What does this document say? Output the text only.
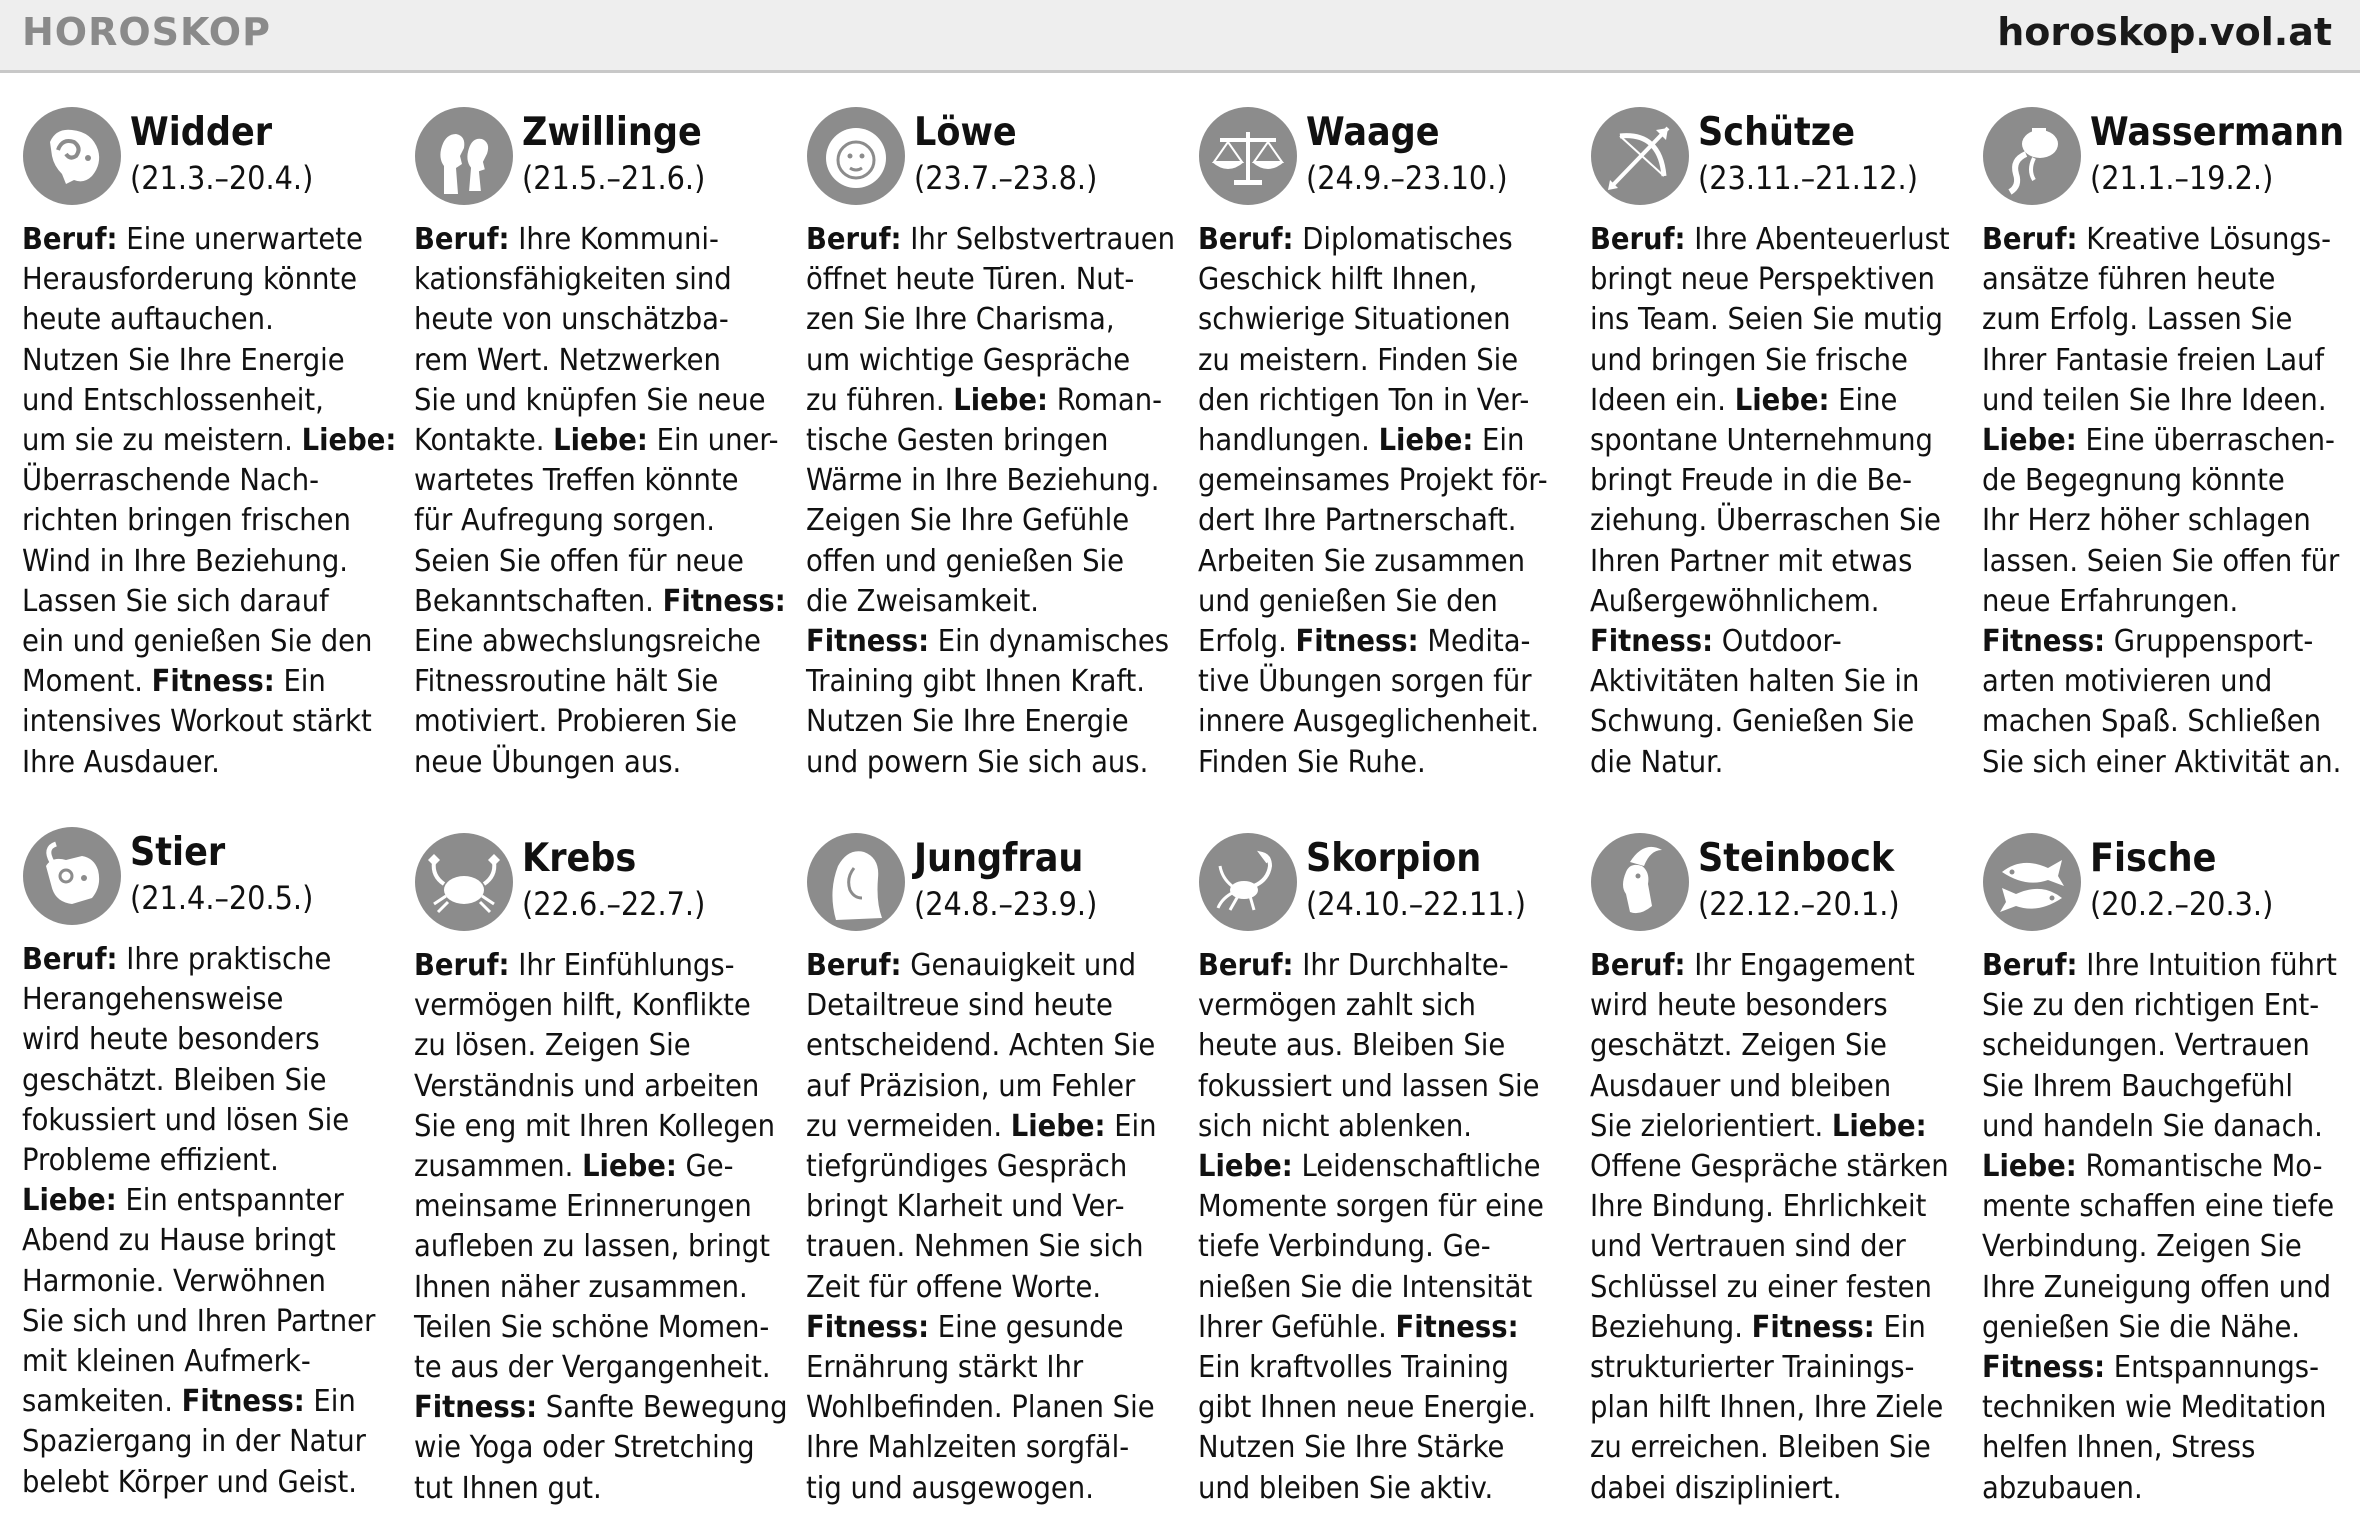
HOROSKOP	horoskop.vol.at
Widder
(21.3.–20.4.)
Beruf: Eine unerwartete
Herausforderung könnte
heute auftauchen.
Nutzen Sie Ihre Energie
und Entschlossenheit,
um sie zu meistern. Liebe:
Überraschende Nach-
richten bringen frischen
Wind in Ihre Beziehung.
Lassen Sie sich darauf
ein und genießen Sie den
Moment. Fitness: Ein
intensives Workout stärkt
Ihre Ausdauer.
Zwillinge
(21.5.–21.6.)
Beruf: Ihre Kommuni-
kationsfähigkeiten sind
heute von unschätzba-
rem Wert. Netzwerken
Sie und knüpfen Sie neue
Kontakte. Liebe: Ein uner-
wartetes Treffen könnte
für Aufregung sorgen.
Seien Sie offen für neue
Bekanntschaften. Fitness:
Eine abwechslungsreiche
Fitnessroutine hält Sie
motiviert. Probieren Sie
neue Übungen aus.
Löwe
(23.7.–23.8.)
Beruf: Ihr Selbstvertrauen
öffnet heute Türen. Nut-
zen Sie Ihre Charisma,
um wichtige Gespräche
zu führen. Liebe: Roman-
tische Gesten bringen
Wärme in Ihre Beziehung.
Zeigen Sie Ihre Gefühle
offen und genießen Sie
die Zweisamkeit.
Fitness: Ein dynamisches
Training gibt Ihnen Kraft.
Nutzen Sie Ihre Energie
und powern Sie sich aus.
Waage
(24.9.–23.10.)
Beruf: Diplomatisches
Geschick hilft Ihnen,
schwierige Situationen
zu meistern. Finden Sie
den richtigen Ton in Ver-
handlungen. Liebe: Ein
gemeinsames Projekt för-
dert Ihre Partnerschaft.
Arbeiten Sie zusammen
und genießen Sie den
Erfolg. Fitness: Medita-
tive Übungen sorgen für
innere Ausgeglichenheit.
Finden Sie Ruhe.
Schütze
(23.11.–21.12.)
Beruf: Ihre Abenteuerlust
bringt neue Perspektiven
ins Team. Seien Sie mutig
und bringen Sie frische
Ideen ein. Liebe: Eine
spontane Unternehmung
bringt Freude in die Be-
ziehung. Überraschen Sie
Ihren Partner mit etwas
Außergewöhnlichem.
Fitness: Outdoor-
Aktivitäten halten Sie in
Schwung. Genießen Sie
die Natur.
Wassermann
(21.1.–19.2.)
Beruf: Kreative Lösungs-
ansätze führen heute
zum Erfolg. Lassen Sie
Ihrer Fantasie freien Lauf
und teilen Sie Ihre Ideen.
Liebe: Eine überraschen-
de Begegnung könnte
Ihr Herz höher schlagen
lassen. Seien Sie offen für
neue Erfahrungen.
Fitness: Gruppensport-
arten motivieren und
machen Spaß. Schließen
Sie sich einer Aktivität an.
Stier
(21.4.–20.5.)
Beruf: Ihre praktische
Herangehensweise
wird heute besonders
geschätzt. Bleiben Sie
fokussiert und lösen Sie
Probleme effizient.
Liebe: Ein entspannter
Abend zu Hause bringt
Harmonie. Verwöhnen
Sie sich und Ihren Partner
mit kleinen Aufmerk-
samkeiten. Fitness: Ein
Spaziergang in der Natur
belebt Körper und Geist.
Krebs
(22.6.–22.7.)
Beruf: Ihr Einfühlungs-
vermögen hilft, Konflikte
zu lösen. Zeigen Sie
Verständnis und arbeiten
Sie eng mit Ihren Kollegen
zusammen. Liebe: Ge-
meinsame Erinnerungen
aufleben zu lassen, bringt
Ihnen näher zusammen.
Teilen Sie schöne Momen-
te aus der Vergangenheit.
Fitness: Sanfte Bewegung
wie Yoga oder Stretching
tut Ihnen gut.
Jungfrau
(24.8.–23.9.)
Beruf: Genauigkeit und
Detailtreue sind heute
entscheidend. Achten Sie
auf Präzision, um Fehler
zu vermeiden. Liebe: Ein
tiefgründiges Gespräch
bringt Klarheit und Ver-
trauen. Nehmen Sie sich
Zeit für offene Worte.
Fitness: Eine gesunde
Ernährung stärkt Ihr
Wohlbefinden. Planen Sie
Ihre Mahlzeiten sorgfäl-
tig und ausgewogen.
Skorpion
(24.10.–22.11.)
Beruf: Ihr Durchhalte-
vermögen zahlt sich
heute aus. Bleiben Sie
fokussiert und lassen Sie
sich nicht ablenken.
Liebe: Leidenschaftliche
Momente sorgen für eine
tiefe Verbindung. Ge-
nießen Sie die Intensität
Ihrer Gefühle. Fitness:
Ein kraftvolles Training
gibt Ihnen neue Energie.
Nutzen Sie Ihre Stärke
und bleiben Sie aktiv.
Steinbock
(22.12.–20.1.)
Beruf: Ihr Engagement
wird heute besonders
geschätzt. Zeigen Sie
Ausdauer und bleiben
Sie zielorientiert. Liebe:
Offene Gespräche stärken
Ihre Bindung. Ehrlichkeit
und Vertrauen sind der
Schlüssel zu einer festen
Beziehung. Fitness: Ein
strukturierter Trainings-
plan hilft Ihnen, Ihre Ziele
zu erreichen. Bleiben Sie
dabei diszipliniert.
Fische
(20.2.–20.3.)
Beruf: Ihre Intuition führt
Sie zu den richtigen Ent-
scheidungen. Vertrauen
Sie Ihrem Bauchgefühl
und handeln Sie danach.
Liebe: Romantische Mo-
mente schaffen eine tiefe
Verbindung. Zeigen Sie
Ihre Zuneigung offen und
genießen Sie die Nähe.
Fitness: Entspannungs-
techniken wie Meditation
helfen Ihnen, Stress
abzubauen.
